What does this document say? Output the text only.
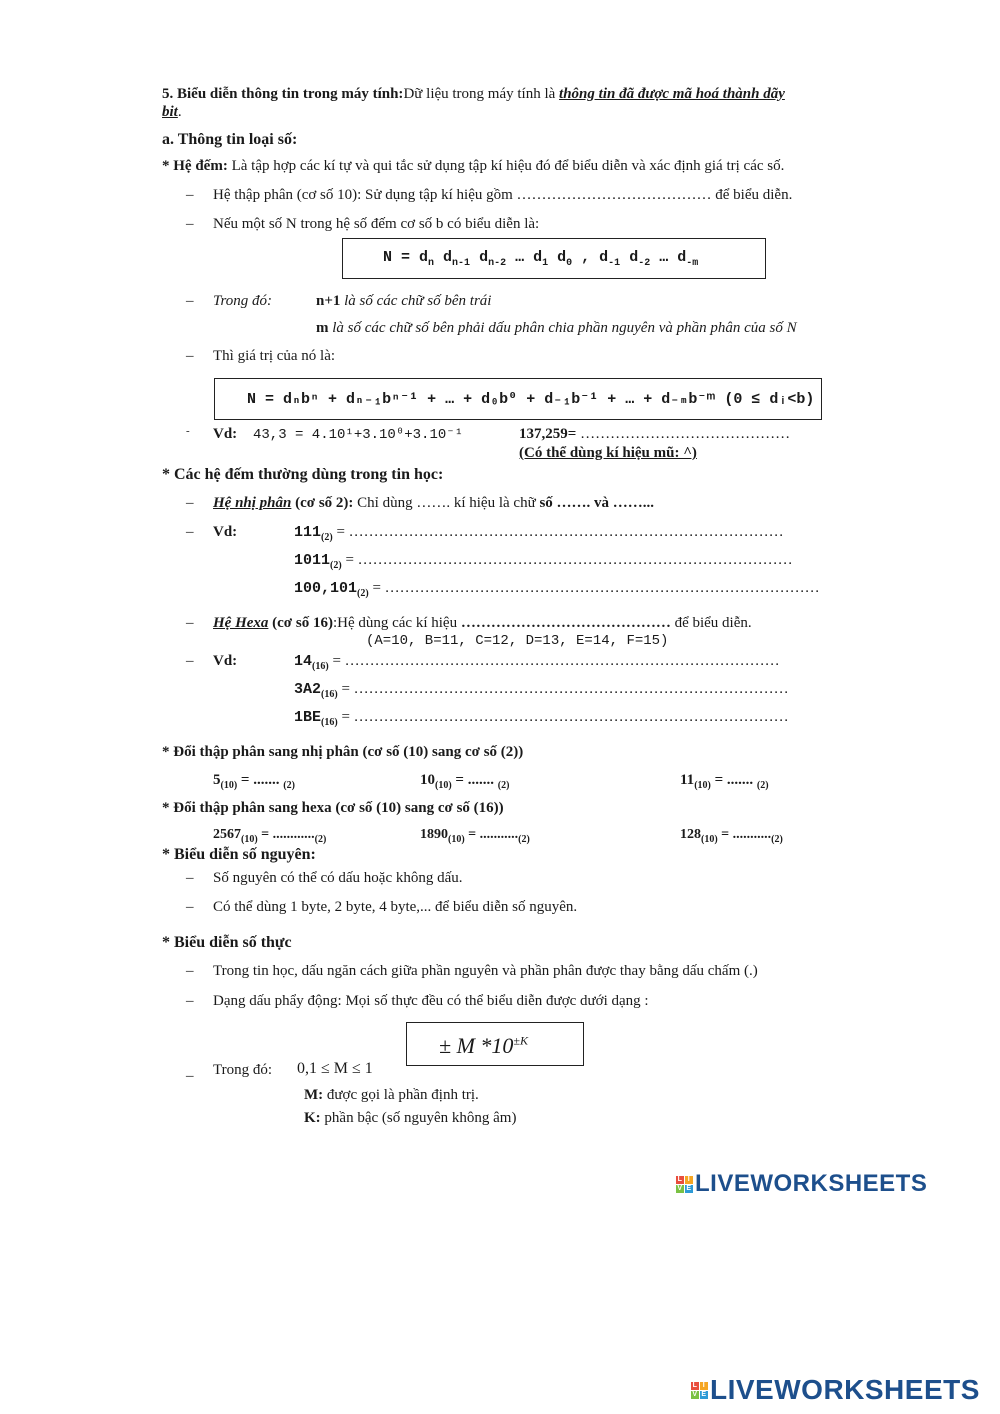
5. Biểu diễn thông tin trong máy tính:Dữ liệu trong máy tính là thông tin đã được mã hoá thành dãy
bit.
a. Thông tin loại số:
* Hệ đếm: Là tập hợp các kí tự và qui tắc sử dụng tập kí hiệu đó để biểu diễn và xác định giá trị các số.
– Hệ thập phân (cơ số 10): Sử dụng tập kí hiệu gồm ………………………………… để biểu diễn.
– Nếu một số N trong hệ số đếm cơ số b có biểu diễn là:
$N = d_n$ $d_{n-1}$ $d_{n-2}$ … $d_1$ $d_0$ , $d_{-1}$ $d_{-2}$ … $d_{-m}$
– Trong đó:	n+1 là số các chữ số bên trái
m là số các chữ số bên phải dấu phân chia phần nguyên và phần phân của số N
– Thì giá trị của nó là:
N = dₙbⁿ + dₙ₋₁bⁿ⁻¹ + … + d₀b⁰ + d₋₁b⁻¹ + … + d₋ₘb⁻ᵐ (0 ≤ dᵢ<b)
- Vd: 43,3 = 4.10¹+3.10⁰+3.10⁻¹	137,259= ……………………………………
(Có thể dùng kí hiệu mũ: ^)
* Các hệ đếm thường dùng trong tin học:
– Hệ nhị phân (cơ số 2): Chỉ dùng ……. kí hiệu là chữ số ……. và ……...
– Vd:	$111_{(2)}$ = ……………………………………………………………………………
$1011_{(2)}$ = ……………………………………………………………………………
$100,101_{(2)}$ = ……………………………………………………………………………
– Hệ Hexa (cơ số 16):Hệ dùng các kí hiệu …………………………………… để biểu diễn.
(A=10, B=11, C=12, D=13, E=14, F=15)
– Vd:	$14_{(16)}$ = ……………………………………………………………………………
$3A2_{(16)}$ = ……………………………………………………………………………
$1BE_{(16)}$ = ……………………………………………………………………………
* Đổi thập phân sang nhị phân (cơ số (10) sang cơ số (2))
$5_{(10)}$ = ....... $_{(2)}$	$10_{(10)}$ = ....... $_{(2)}$	$11_{(10)}$ = ....... $_{(2)}$
* Đổi thập phân sang hexa (cơ số (10) sang cơ số (16))
$2567_{(10)} = ............_{(2)}$	$1890_{(10)} = ..........._{(2)}$	$128_{(10)} = ..........._{(2)}$
* Biểu diễn số nguyên:
– Số nguyên có thể có dấu hoặc không dấu.
– Có thể dùng 1 byte, 2 byte, 4 byte,... để biểu diễn số nguyên.
* Biểu diễn số thực
– Trong tin học, dấu ngăn cách giữa phần nguyên và phần phân được thay bằng dấu chấm (.)
– Dạng dấu phẩy động: Mọi số thực đều có thể biểu diễn được dưới dạng :
± M $*10^{\pm K}$
_ Trong đó: 0,1 ≤ M ≤ 1
M: được gọi là phần định trị.
K: phần bậc (số nguyên không âm)
L I
V E LIVEWORKSHEETS
L I
V E LIVEWORKSHEETS
